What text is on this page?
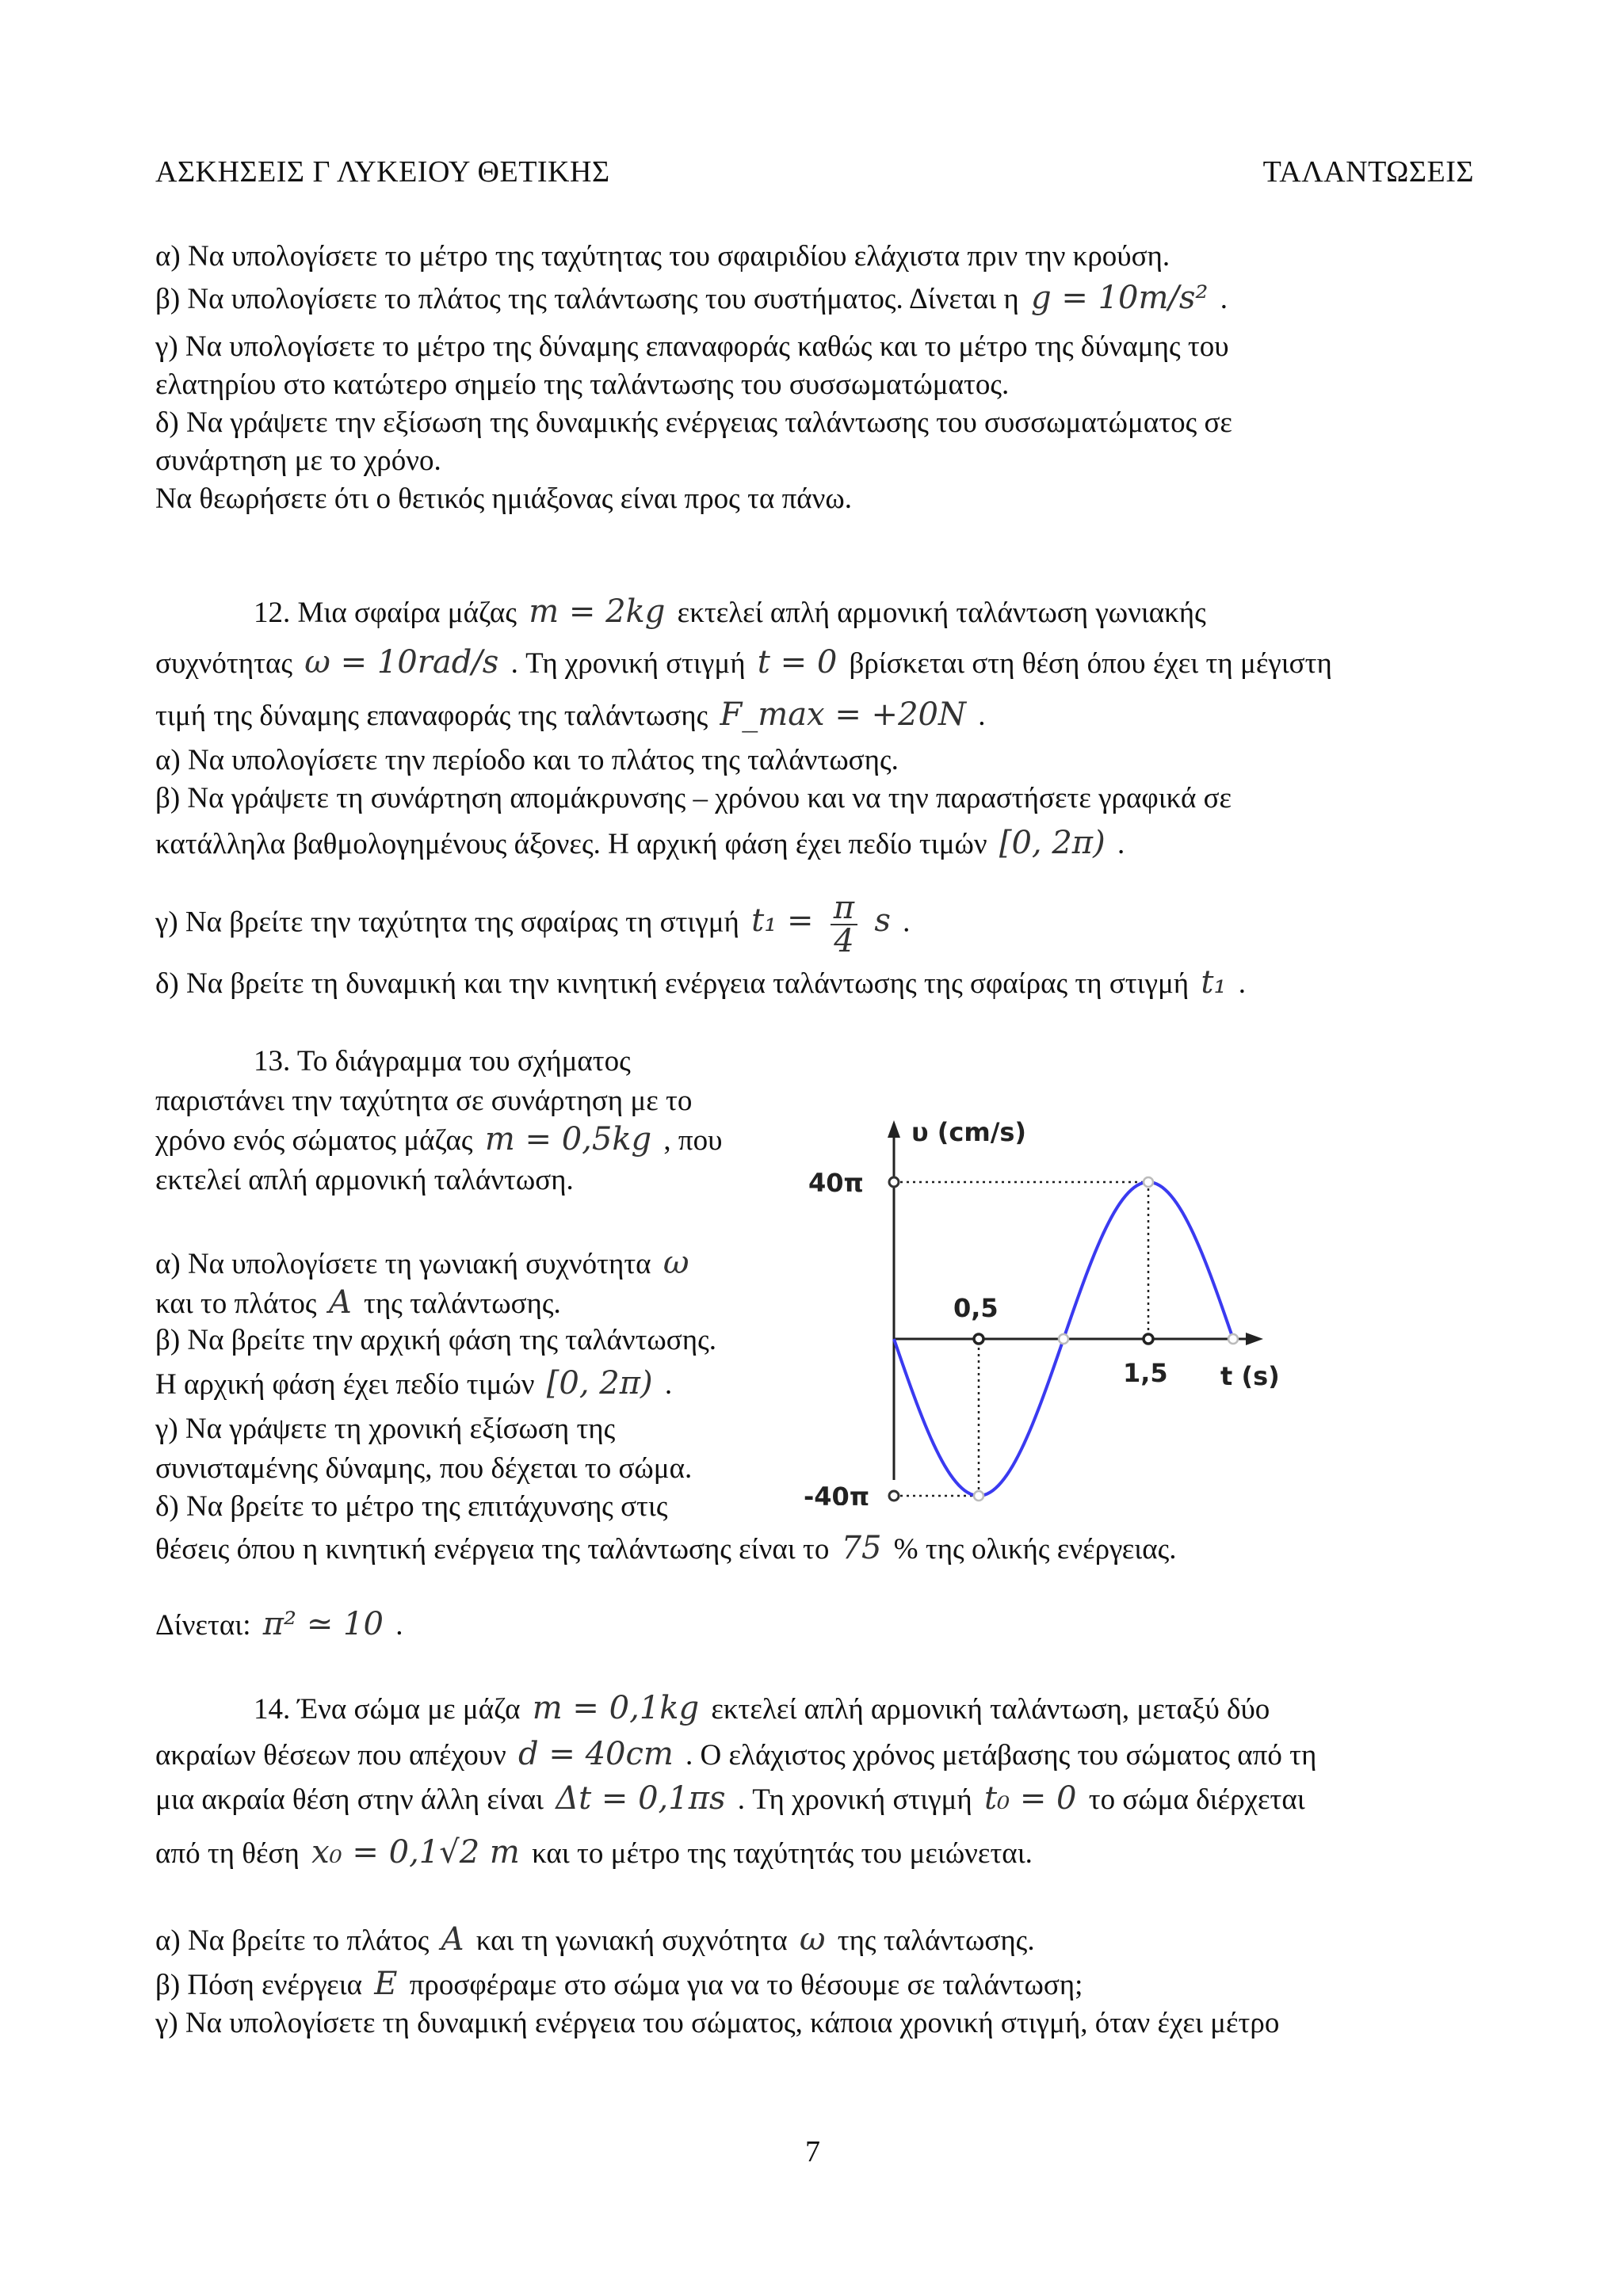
ΑΣΚΗΣΕΙΣ Γ ΛΥΚΕΙΟΥ ΘΕΤΙΚΗΣ	ΤΑΛΑΝΤΩΣΕΙΣ
α) Να υπολογίσετε το μέτρο της ταχύτητας του σφαιριδίου ελάχιστα πριν την κρούση.
β) Να υπολογίσετε το πλάτος της ταλάντωσης του συστήματος. Δίνεται η g = 10m/s² .
γ) Να υπολογίσετε το μέτρο της δύναμης επαναφοράς καθώς και το μέτρο της δύναμης του
ελατηρίου στο κατώτερο σημείο της ταλάντωσης του συσσωματώματος.
δ) Να γράψετε την εξίσωση της δυναμικής ενέργειας ταλάντωσης του συσσωματώματος σε
συνάρτηση με το χρόνο.
Να θεωρήσετε ότι ο θετικός ημιάξονας είναι προς τα πάνω.
12. Μια σφαίρα μάζας m = 2kg εκτελεί απλή αρμονική ταλάντωση γωνιακής
συχνότητας ω = 10rad/s . Τη χρονική στιγμή t = 0 βρίσκεται στη θέση όπου έχει τη μέγιστη
τιμή της δύναμης επαναφοράς της ταλάντωσης F_max = +20N .
α) Να υπολογίσετε την περίοδο και το πλάτος της ταλάντωσης.
β) Να γράψετε τη συνάρτηση απομάκρυνσης – χρόνου και να την παραστήσετε γραφικά σε
κατάλληλα βαθμολογημένους άξονες. Η αρχική φάση έχει πεδίο τιμών [0, 2π) .
γ) Να βρείτε την ταχύτητα της σφαίρας τη στιγμή $t_1 = \frac{\pi}{4}$ s .
δ) Να βρείτε τη δυναμική και την κινητική ενέργεια ταλάντωσης της σφαίρας τη στιγμή t₁ .
13. Το διάγραμμα του σχήματος
παριστάνει την ταχύτητα σε συνάρτηση με το
χρόνο ενός σώματος μάζας m = 0,5kg , που
εκτελεί απλή αρμονική ταλάντωση.
α) Να υπολογίσετε τη γωνιακή συχνότητα ω
και το πλάτος A της ταλάντωσης.
β) Να βρείτε την αρχική φάση της ταλάντωσης.
Η αρχική φάση έχει πεδίο τιμών [0, 2π) .
γ) Να γράψετε τη χρονική εξίσωση της
συνισταμένης δύναμης, που δέχεται το σώμα.
δ) Να βρείτε το μέτρο της επιτάχυνσης στις
θέσεις όπου η κινητική ενέργεια της ταλάντωσης είναι το 75 % της ολικής ενέργειας.
Δίνεται: π² ≃ 10 .
υ (cm/s)
t (s)
40π
-40π
0,5
1,5
14. Ένα σώμα με μάζα m = 0,1kg εκτελεί απλή αρμονική ταλάντωση, μεταξύ δύο
ακραίων θέσεων που απέχουν d = 40cm . Ο ελάχιστος χρόνος μετάβασης του σώματος από τη
μια ακραία θέση στην άλλη είναι Δt = 0,1πs . Τη χρονική στιγμή t₀ = 0 το σώμα διέρχεται
από τη θέση x₀ = 0,1√2 m και το μέτρο της ταχύτητάς του μειώνεται.
α) Να βρείτε το πλάτος A και τη γωνιακή συχνότητα ω της ταλάντωσης.
β) Πόση ενέργεια E προσφέραμε στο σώμα για να το θέσουμε σε ταλάντωση;
γ) Να υπολογίσετε τη δυναμική ενέργεια του σώματος, κάποια χρονική στιγμή, όταν έχει μέτρο
7
